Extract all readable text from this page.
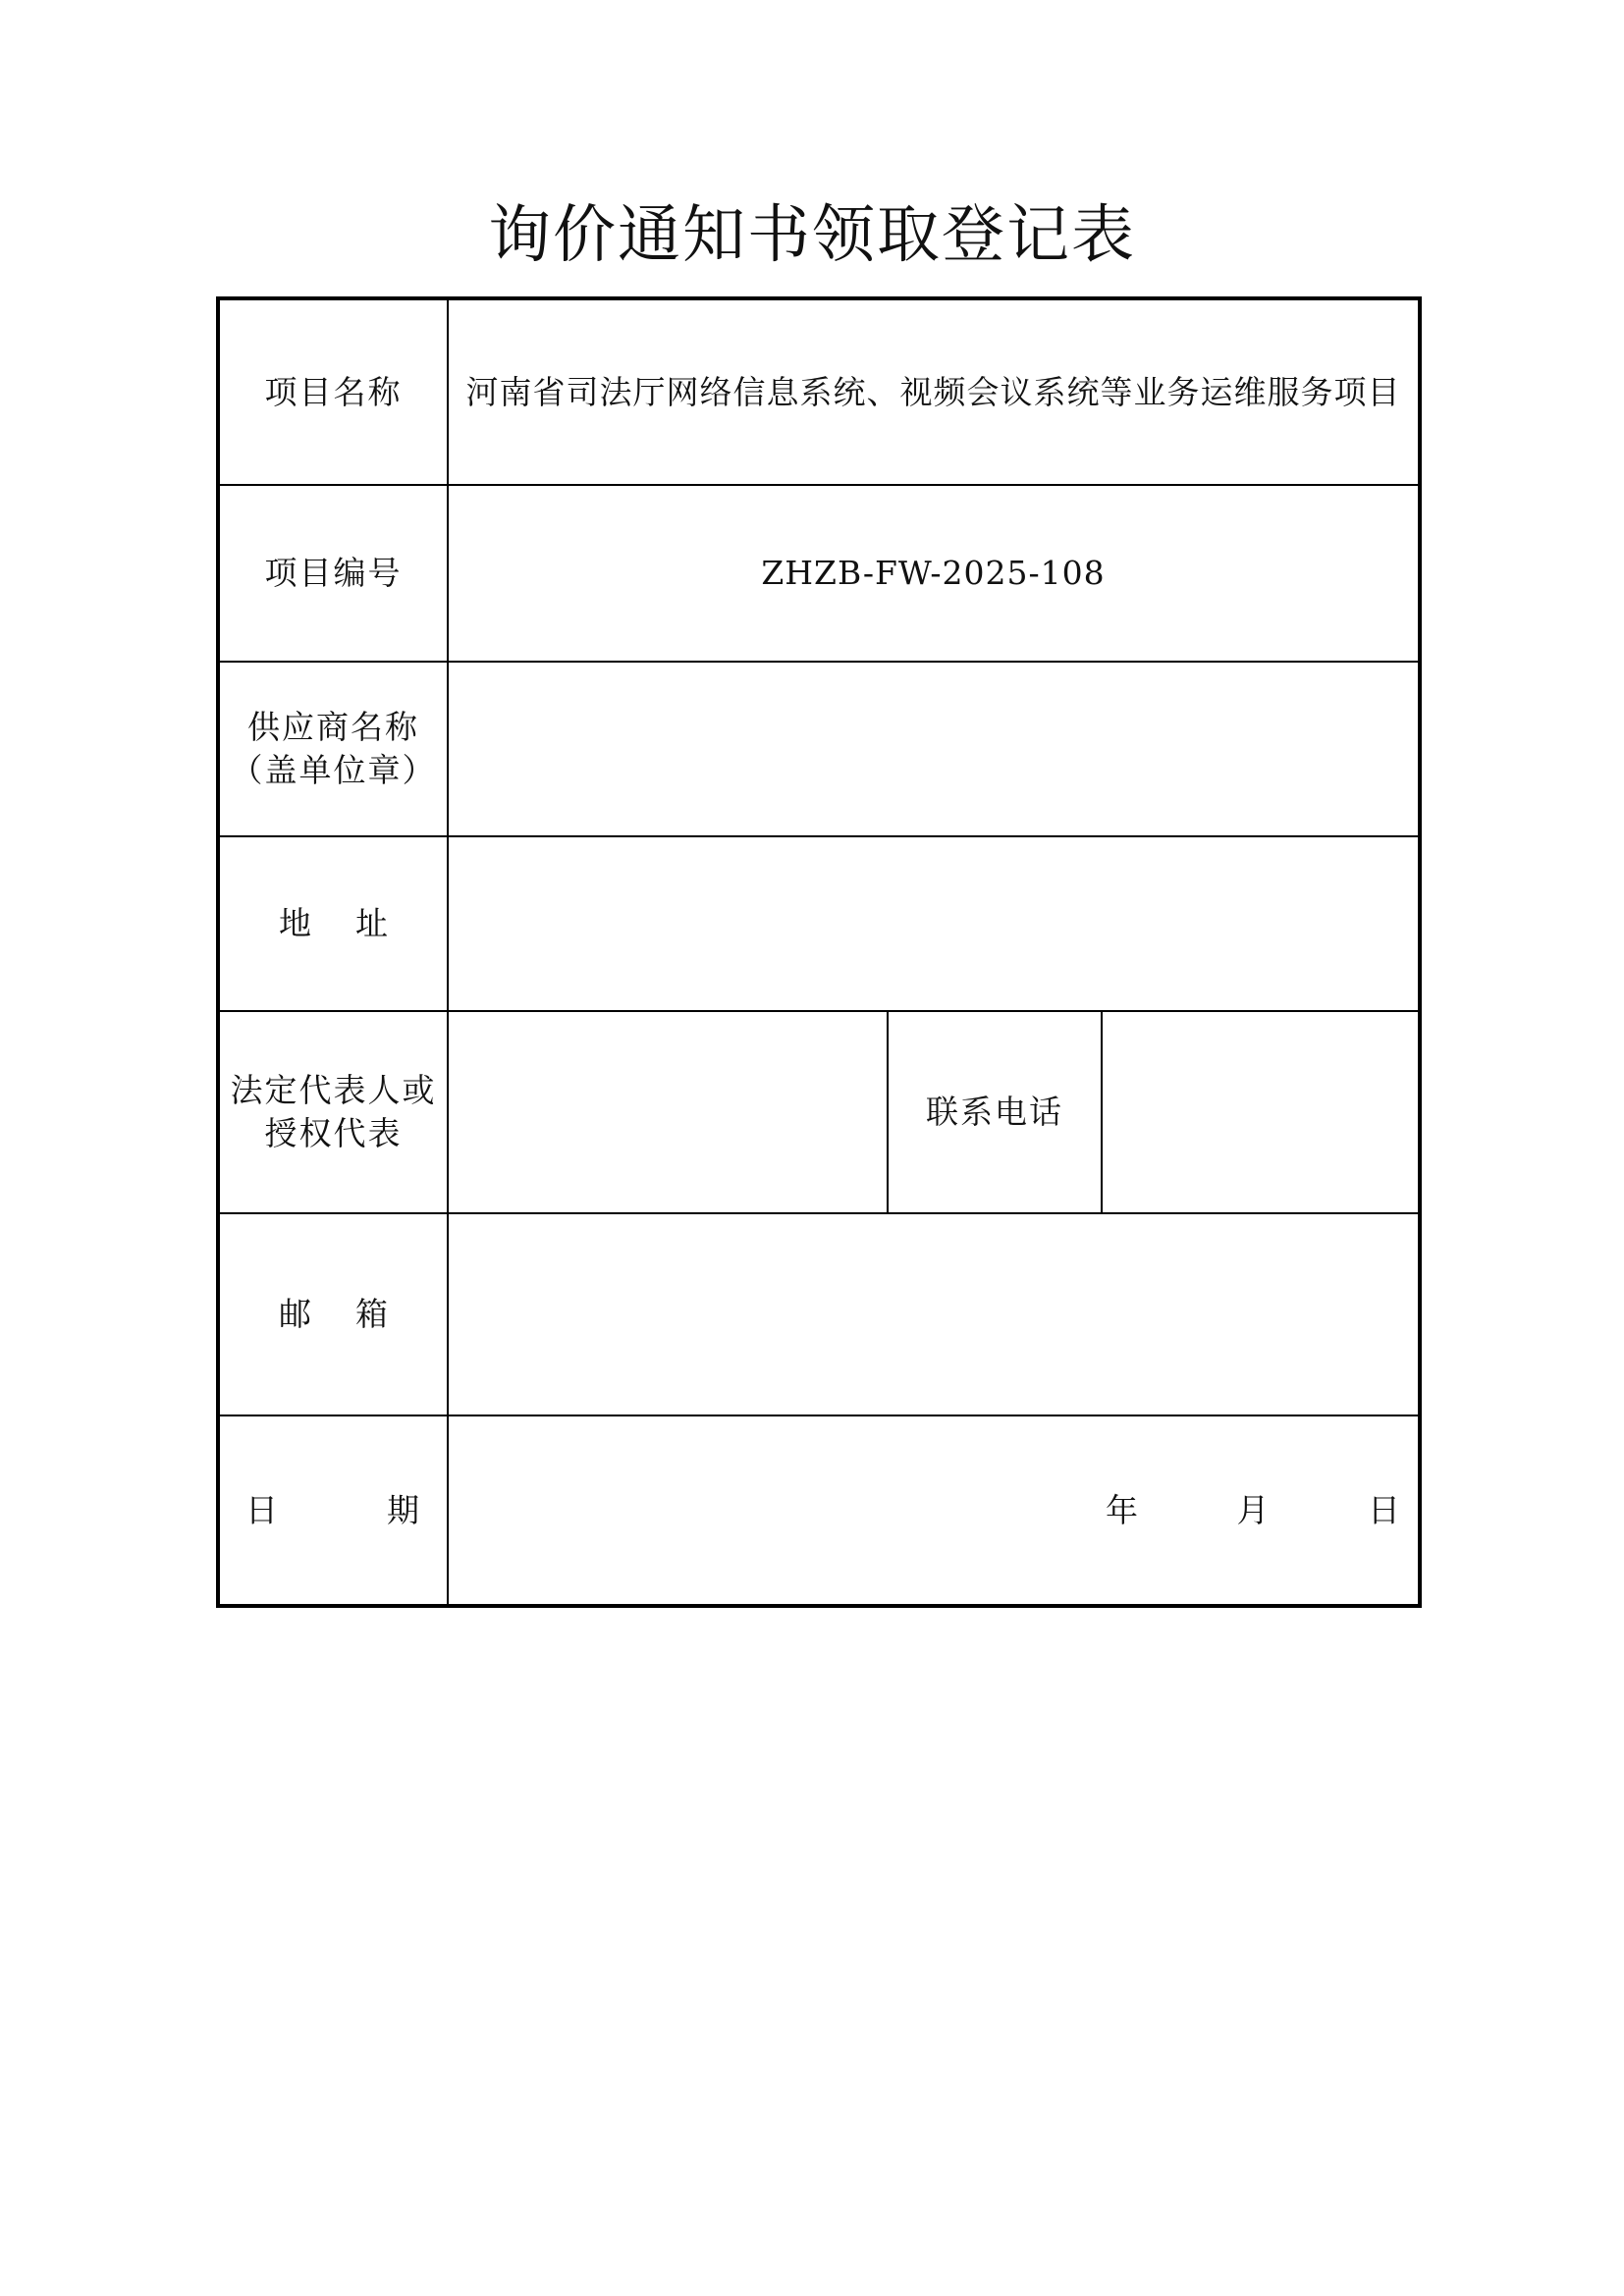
询价通知书领取登记表
项目名称	河南省司法厅网络信息系统、视频会议系统等业务运维服务项目		
项目编号	ZHZB-FW-2025-108		

供应商名称
（盖单位章）			

地 址			

法定代表人或
授权代表		联系电话	

邮 箱			

日 期	年 月 日		
